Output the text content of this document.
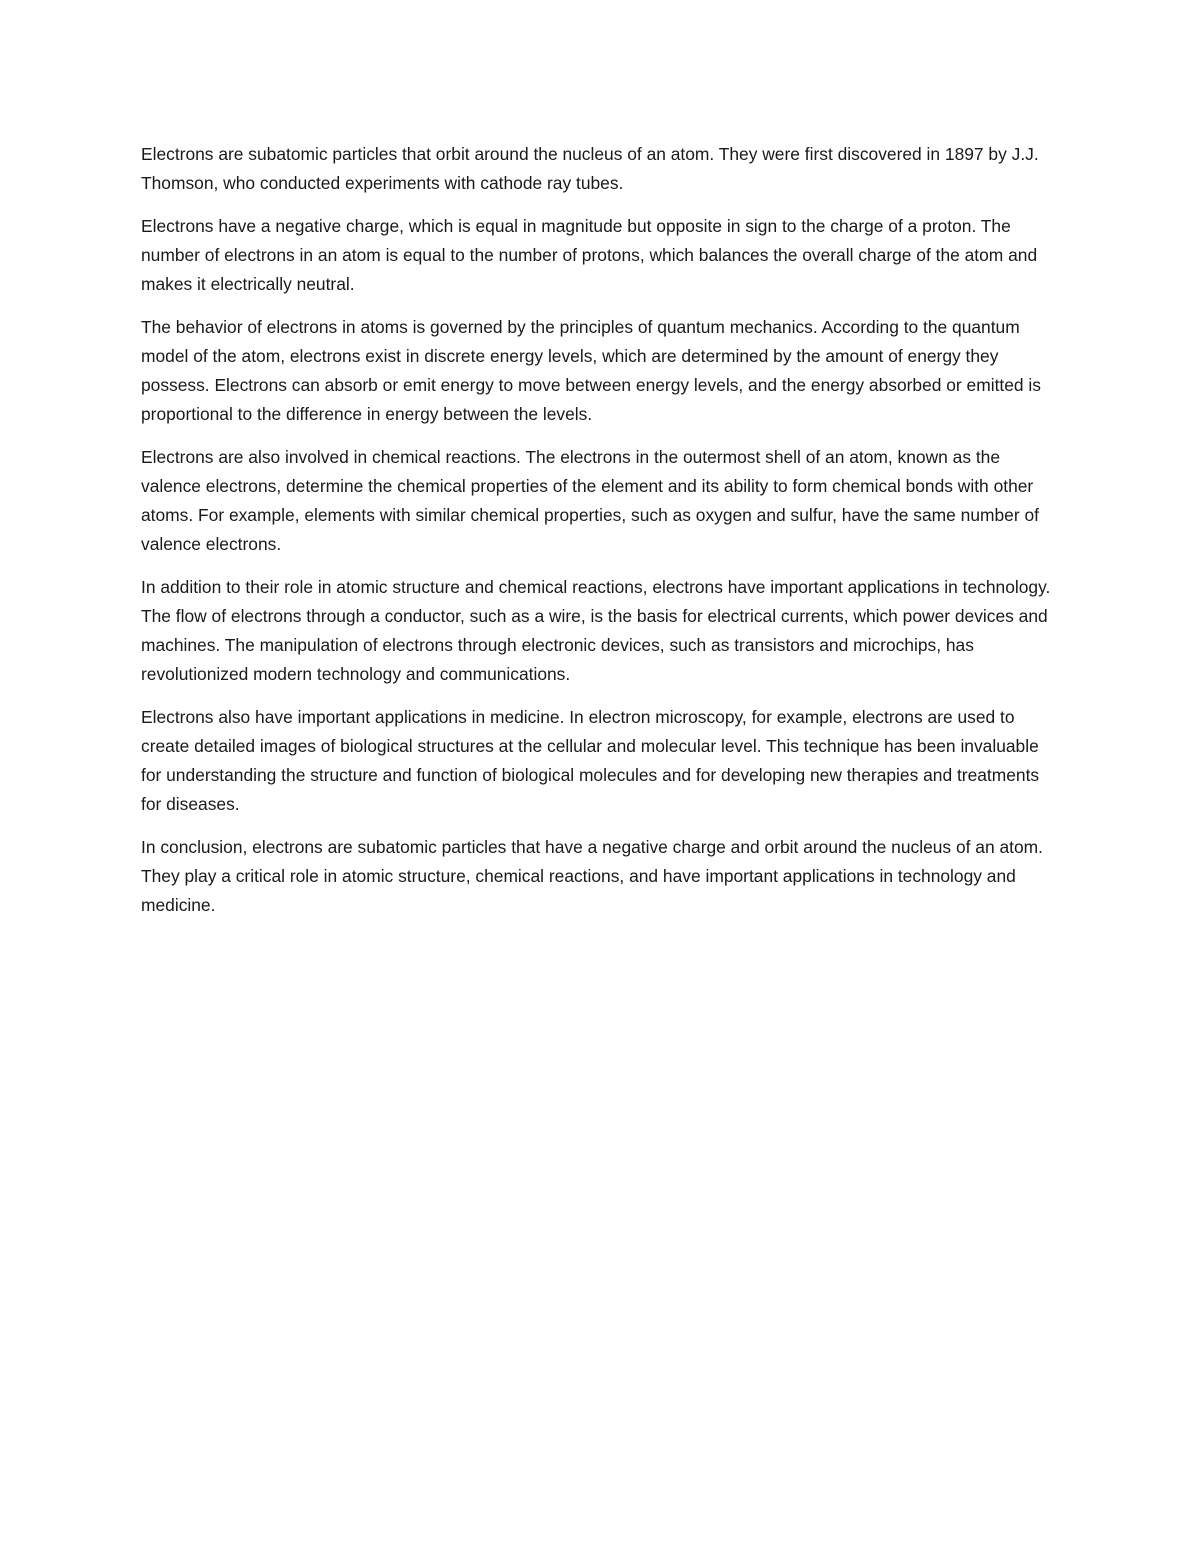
Electrons are subatomic particles that orbit around the nucleus of an atom. They were first discovered in 1897 by J.J. Thomson, who conducted experiments with cathode ray tubes.

Electrons have a negative charge, which is equal in magnitude but opposite in sign to the charge of a proton. The number of electrons in an atom is equal to the number of protons, which balances the overall charge of the atom and makes it electrically neutral.

The behavior of electrons in atoms is governed by the principles of quantum mechanics. According to the quantum model of the atom, electrons exist in discrete energy levels, which are determined by the amount of energy they possess. Electrons can absorb or emit energy to move between energy levels, and the energy absorbed or emitted is proportional to the difference in energy between the levels.

Electrons are also involved in chemical reactions. The electrons in the outermost shell of an atom, known as the valence electrons, determine the chemical properties of the element and its ability to form chemical bonds with other atoms. For example, elements with similar chemical properties, such as oxygen and sulfur, have the same number of valence electrons.

In addition to their role in atomic structure and chemical reactions, electrons have important applications in technology. The flow of electrons through a conductor, such as a wire, is the basis for electrical currents, which power devices and machines. The manipulation of electrons through electronic devices, such as transistors and microchips, has revolutionized modern technology and communications.

Electrons also have important applications in medicine. In electron microscopy, for example, electrons are used to create detailed images of biological structures at the cellular and molecular level. This technique has been invaluable for understanding the structure and function of biological molecules and for developing new therapies and treatments for diseases.

In conclusion, electrons are subatomic particles that have a negative charge and orbit around the nucleus of an atom. They play a critical role in atomic structure, chemical reactions, and have important applications in technology and medicine.
